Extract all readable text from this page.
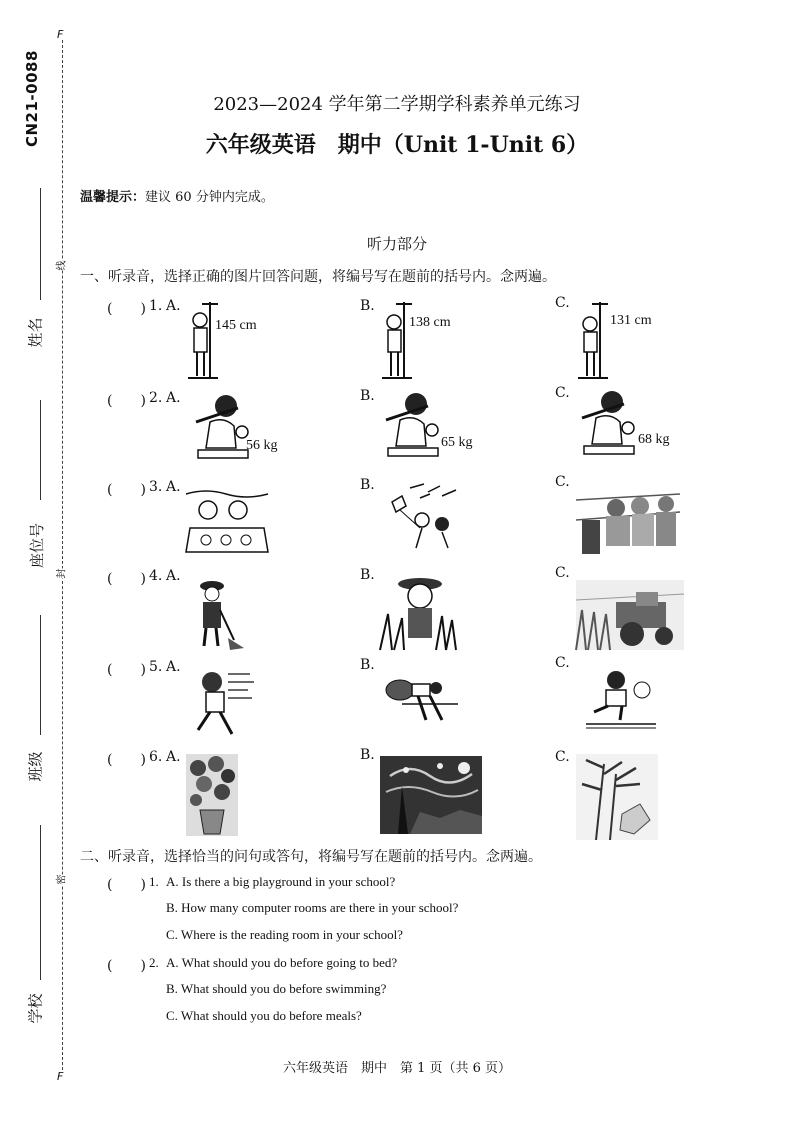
CN21-0088
F
F
线
封
密
姓名
座位号
班级
学校
2023—2024 学年第二学期学科素养单元练习
六年级英语　期中（Unit 1-Unit 6）
温馨提示：建议 60 分钟内完成。
听力部分
一、听录音，选择正确的图片回答问题，将编号写在题前的括号内。念两遍。
(　　) 1. A.	B.	C.
145 cm	138 cm	131 cm
(　　) 2. A.	B.	C.
56 kg	65 kg	68 kg
(　　) 3. A.	B.	C.
(　　) 4. A.	B.	C.
(　　) 5. A.	B.	C.
(　　) 6. A.	B.	C.
二、听录音，选择恰当的问句或答句，将编号写在题前的括号内。念两遍。
(　　) 1. A. Is there a big playground in your school?
B. How many computer rooms are there in your school?
C. Where is the reading room in your school?
(　　) 2. A. What should you do before going to bed?
B. What should you do before swimming?
C. What should you do before meals?
六年级英语　期中　第 1 页（共 6 页）
